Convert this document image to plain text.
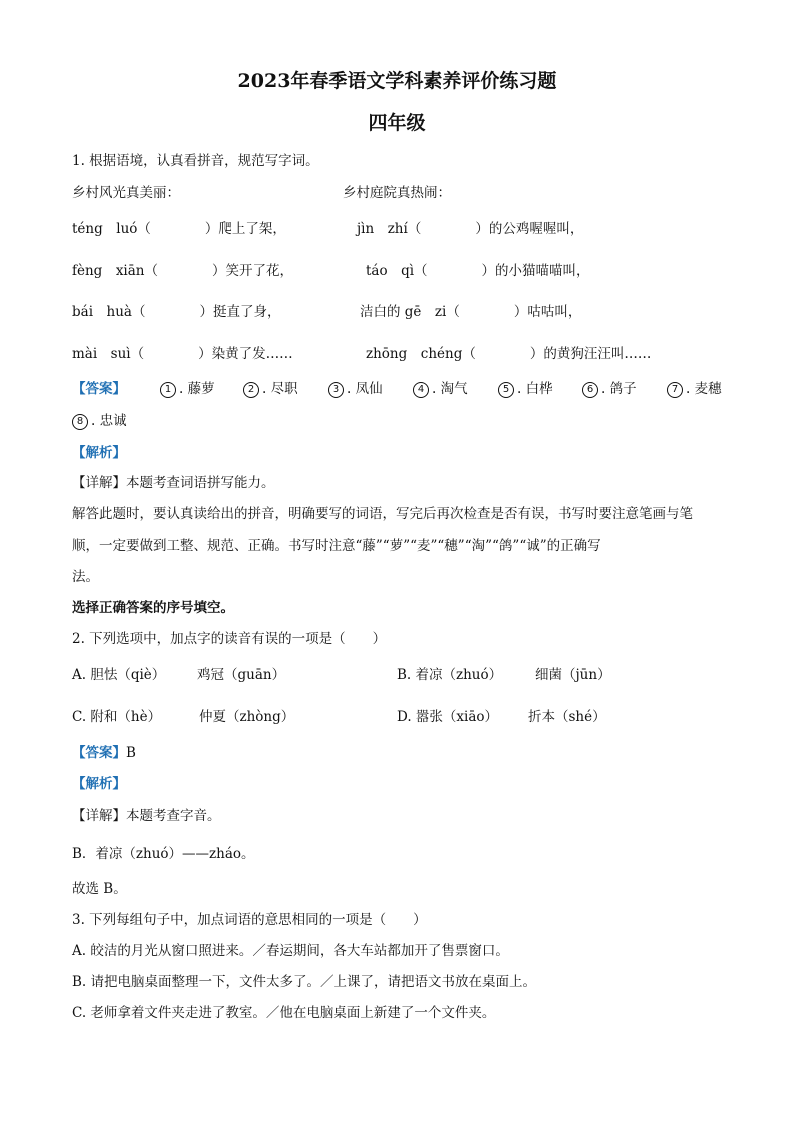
2023年春季语文学科素养评价练习题
四年级
1. 根据语境，认真看拼音，规范写字词。
乡村风光真美丽：	乡村庭院真热闹：
téng　luó（　　　　）爬上了架，	jìn　zhí（　　　　）的公鸡喔喔叫，
fèng　xiān（　　　　）笑开了花，	táo　qì（　　　　）的小猫喵喵叫，
bái　huà（　　　　）挺直了身，	洁白的 gē　zi（　　　　）咕咕叫，
mài　suì（　　　　）染黄了发……	zhōng　chéng（　　　　）的黄狗汪汪叫……
【答案】	1 . 藤萝	2 . 尽职	3 . 凤仙	4 . 淘气	5 . 白桦	6 . 鸽子	7 . 麦穗
8 . 忠诚
【解析】
【详解】本题考查词语拼写能力。
解答此题时，要认真读给出的拼音，明确要写的词语，写完后再次检查是否有误，书写时要注意笔画与笔
顺，一定要做到工整、规范、正确。书写时注意“藤”“萝”“麦”“穗”“淘”“鸽”“诚”的正确写
法。
选择正确答案的序号填空。
2. 下列选项中，加点字的读音有误的一项是（　　）
A. 胆怯（qiè） 鸡冠（guān）	B. 着凉（zhuó） 细菌（jūn）
C. 附和（hè）	仲夏（zhòng）	D. 嚣张（xiāo） 折本（shé）
【答案】B
【解析】
【详解】本题考查字音。
B．着凉（zhuó）——zháo。
故选 B。
3. 下列每组句子中，加点词语的意思相同的一项是（　　）
A. 皎洁的月光从窗口照进来。／春运期间，各大车站都加开了售票窗口。
B. 请把电脑桌面整理一下，文件太多了。／上课了，请把语文书放在桌面上。
C. 老师拿着文件夹走进了教室。／他在电脑桌面上新建了一个文件夹。
